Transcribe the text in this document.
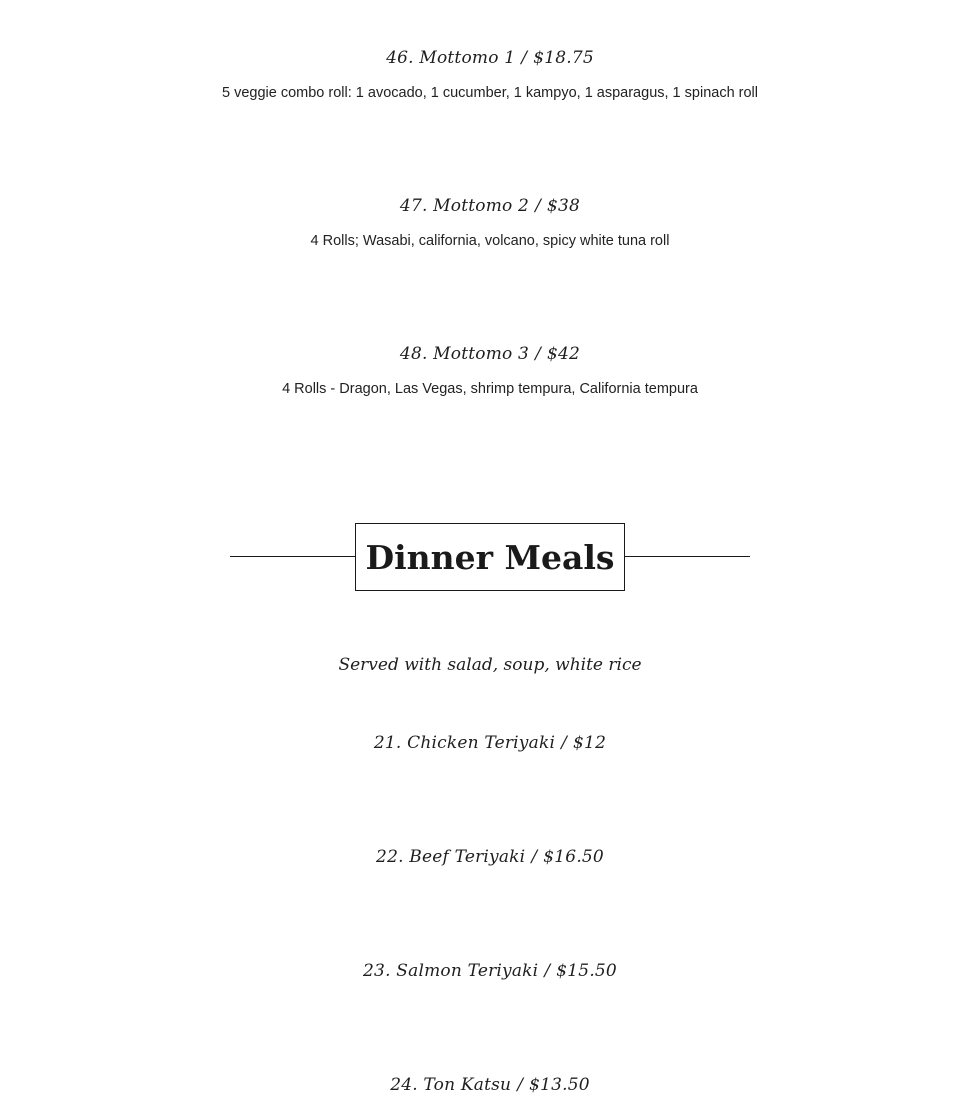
46. Mottomo 1 / $18.75

5 veggie combo roll: 1 avocado, 1 cucumber, 1 kampyo, 1 asparagus, 1 spinach roll

47. Mottomo 2 / $38

4 Rolls; Wasabi, california, volcano, spicy white tuna roll

48. Mottomo 3 / $42

4 Rolls - Dragon, Las Vegas, shrimp tempura, California tempura

Dinner Meals

Served with salad, soup, white rice

21. Chicken Teriyaki / $12

22. Beef Teriyaki / $16.50

23. Salmon Teriyaki / $15.50

24. Ton Katsu / $13.50
